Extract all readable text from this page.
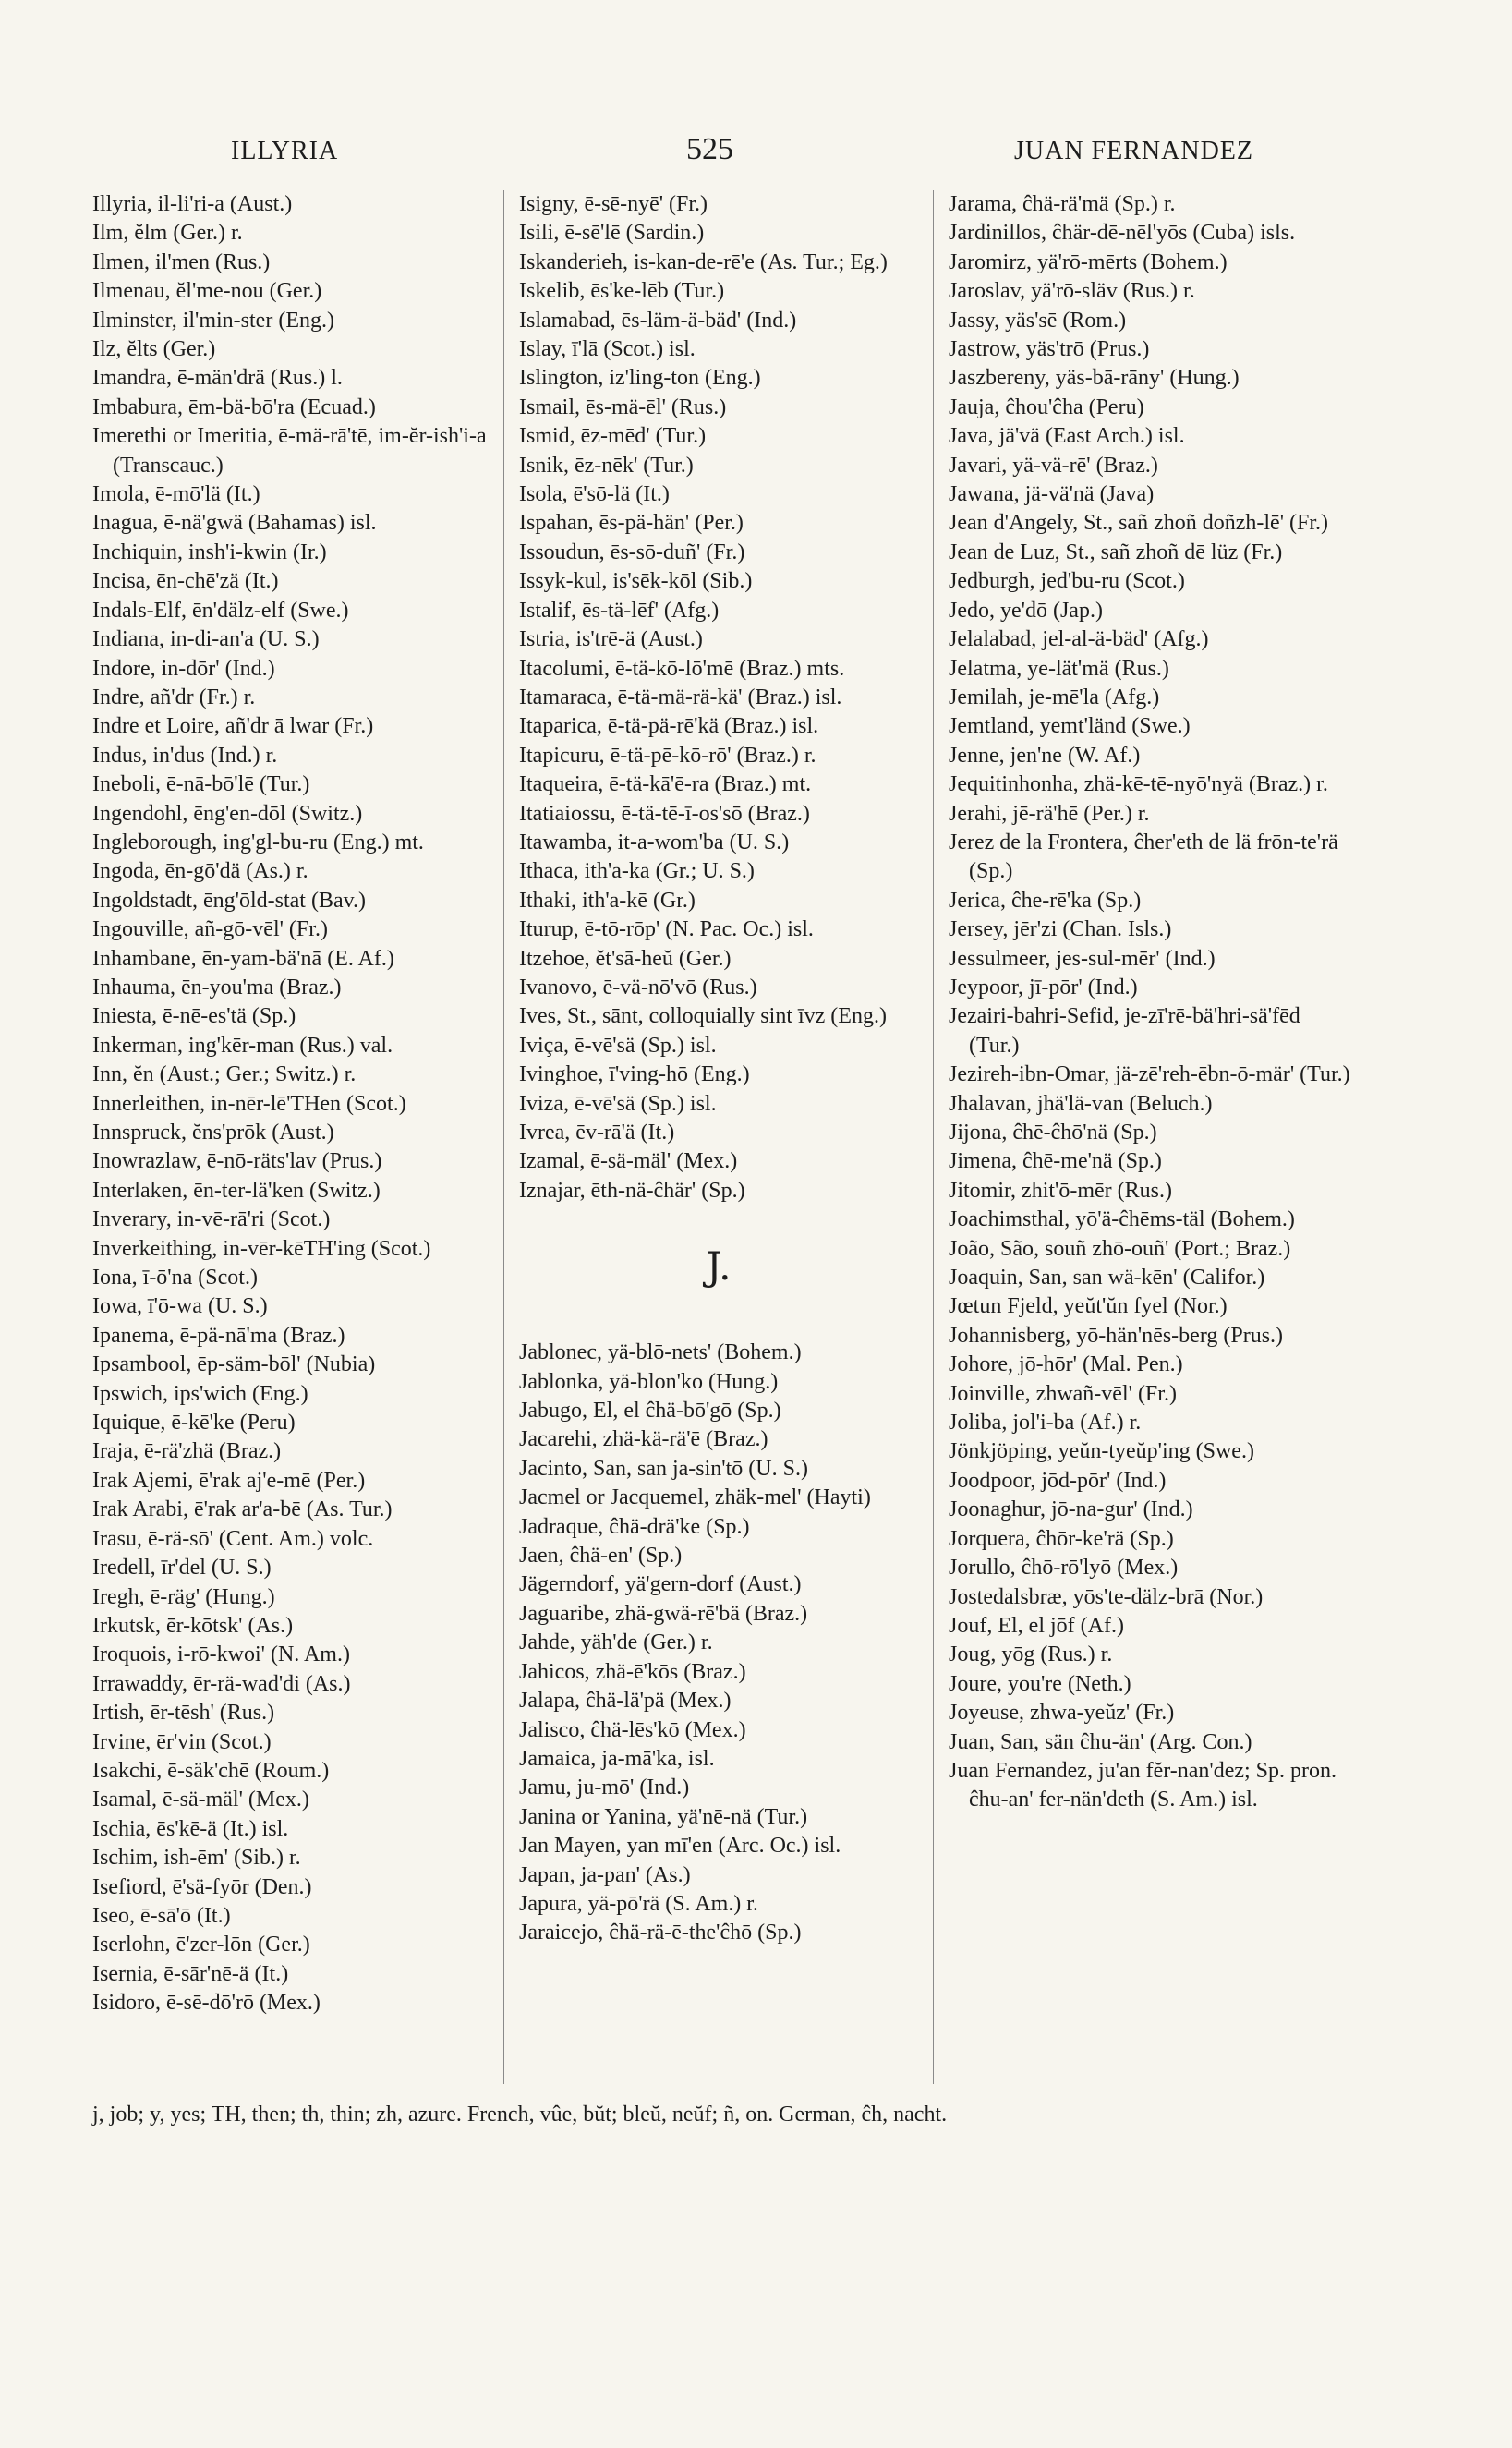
ILLYRIA	525	JUAN FERNANDEZ

Illyria, il-li'ri-a (Aust.)

Ilm, ĕlm (Ger.) r.

Ilmen, il'men (Rus.)

Ilmenau, ĕl'me-nou (Ger.)

Ilminster, il'min-ster (Eng.)

Ilz, ĕlts (Ger.)

Imandra, ē-män'drä (Rus.) l.

Imbabura, ēm-bä-bō'ra (Ecuad.)

Imerethi or Imeritia, ē-mä-rā'tē, im-ĕr-ish'i-a (Transcauc.)

Imola, ē-mō'lä (It.)

Inagua, ē-nä'gwä (Bahamas) isl.

Inchiquin, insh'i-kwin (Ir.)

Incisa, ēn-chē'zä (It.)

Indals-Elf, ēn'dälz-elf (Swe.)

Indiana, in-di-an'a (U. S.)

Indore, in-dōr' (Ind.)

Indre, añ'dr (Fr.) r.

Indre et Loire, añ'dr ā lwar (Fr.)

Indus, in'dus (Ind.) r.

Ineboli, ē-nā-bō'lē (Tur.)

Ingendohl, ēng'en-dōl (Switz.)

Ingleborough, ing'gl-bu-ru (Eng.) mt.

Ingoda, ēn-gō'dä (As.) r.

Ingoldstadt, ēng'ōld-stat (Bav.)

Ingouville, añ-gō-vēl' (Fr.)

Inhambane, ēn-yam-bä'nā (E. Af.)

Inhauma, ēn-you'ma (Braz.)

Iniesta, ē-nē-es'tä (Sp.)

Inkerman, ing'kēr-man (Rus.) val.

Inn, ĕn (Aust.; Ger.; Switz.) r.

Innerleithen, in-nēr-lē'THen (Scot.)

Innspruck, ĕns'prōk (Aust.)

Inowrazlaw, ē-nō-räts'lav (Prus.)

Interlaken, ēn-ter-lä'ken (Switz.)

Inverary, in-vē-rā'ri (Scot.)

Inverkeithing, in-vēr-kēTH'ing (Scot.)

Iona, ī-ō'na (Scot.)

Iowa, ī'ō-wa (U. S.)

Ipanema, ē-pä-nā'ma (Braz.)

Ipsambool, ēp-säm-bōl' (Nubia)

Ipswich, ips'wich (Eng.)

Iquique, ē-kē'ke (Peru)

Iraja, ē-rä'zhä (Braz.)

Irak Ajemi, ē'rak aj'e-mē (Per.)

Irak Arabi, ē'rak ar'a-bē (As. Tur.)

Irasu, ē-rä-sō' (Cent. Am.) volc.

Iredell, īr'del (U. S.)

Iregh, ē-räg' (Hung.)

Irkutsk, ēr-kōtsk' (As.)

Iroquois, i-rō-kwoi' (N. Am.)

Irrawaddy, ēr-rä-wad'di (As.)

Irtish, ēr-tēsh' (Rus.)

Irvine, ēr'vin (Scot.)

Isakchi, ē-säk'chē (Roum.)

Isamal, ē-sä-mäl' (Mex.)

Ischia, ēs'kē-ä (It.) isl.

Ischim, ish-ēm' (Sib.) r.

Isefiord, ē'sä-fyōr (Den.)

Iseo, ē-sā'ō (It.)

Iserlohn, ē'zer-lōn (Ger.)

Isernia, ē-sār'nē-ä (It.)

Isidoro, ē-sē-dō'rō (Mex.)

Isigny, ē-sē-nyē' (Fr.)

Isili, ē-sē'lē (Sardin.)

Iskanderieh, is-kan-de-rē'e (As. Tur.; Eg.)

Iskelib, ēs'ke-lēb (Tur.)

Islamabad, ēs-läm-ä-bäd' (Ind.)

Islay, ī'lā (Scot.) isl.

Islington, iz'ling-ton (Eng.)

Ismail, ēs-mä-ēl' (Rus.)

Ismid, ēz-mēd' (Tur.)

Isnik, ēz-nēk' (Tur.)

Isola, ē'sō-lä (It.)

Ispahan, ēs-pä-hän' (Per.)

Issoudun, ēs-sō-duñ' (Fr.)

Issyk-kul, is'sēk-kōl (Sib.)

Istalif, ēs-tä-lēf' (Afg.)

Istria, is'trē-ä (Aust.)

Itacolumi, ē-tä-kō-lō'mē (Braz.) mts.

Itamaraca, ē-tä-mä-rä-kä' (Braz.) isl.

Itaparica, ē-tä-pä-rē'kä (Braz.) isl.

Itapicuru, ē-tä-pē-kō-rō' (Braz.) r.

Itaqueira, ē-tä-kā'ē-ra (Braz.) mt.

Itatiaiossu, ē-tä-tē-ī-os'sō (Braz.)

Itawamba, it-a-wom'ba (U. S.)

Ithaca, ith'a-ka (Gr.; U. S.)

Ithaki, ith'a-kē (Gr.)

Iturup, ē-tō-rōp' (N. Pac. Oc.) isl.

Itzehoe, ĕt'sā-heŭ (Ger.)

Ivanovo, ē-vä-nō'vō (Rus.)

Ives, St., sānt, colloquially sint īvz (Eng.)

Iviça, ē-vē'sä (Sp.) isl.

Ivinghoe, ī'ving-hō (Eng.)

Iviza, ē-vē'sä (Sp.) isl.

Ivrea, ēv-rā'ä (It.)

Izamal, ē-sä-mäl' (Mex.)

Iznajar, ēth-nä-ĉhär' (Sp.)

J.

Jablonec, yä-blō-nets' (Bohem.)

Jablonka, yä-blon'ko (Hung.)

Jabugo, El, el ĉhä-bō'gō (Sp.)

Jacarehi, zhä-kä-rä'ē (Braz.)

Jacinto, San, san ja-sin'tō (U. S.)

Jacmel or Jacquemel, zhäk-mel' (Hayti)

Jadraque, ĉhä-drä'ke (Sp.)

Jaen, ĉhä-en' (Sp.)

Jägerndorf, yä'gern-dorf (Aust.)

Jaguaribe, zhä-gwä-rē'bä (Braz.)

Jahde, yäh'de (Ger.) r.

Jahicos, zhä-ē'kōs (Braz.)

Jalapa, ĉhä-lä'pä (Mex.)

Jalisco, ĉhä-lēs'kō (Mex.)

Jamaica, ja-mā'ka, isl.

Jamu, ju-mō' (Ind.)

Janina or Yanina, yä'nē-nä (Tur.)

Jan Mayen, yan mī'en (Arc. Oc.) isl.

Japan, ja-pan' (As.)

Japura, yä-pō'rä (S. Am.) r.

Jaraicejo, ĉhä-rä-ē-the'ĉhō (Sp.)

Jarama, ĉhä-rä'mä (Sp.) r.

Jardinillos, ĉhär-dē-nēl'yōs (Cuba) isls.

Jaromirz, yä'rō-mērts (Bohem.)

Jaroslav, yä'rō-släv (Rus.) r.

Jassy, yäs'sē (Rom.)

Jastrow, yäs'trō (Prus.)

Jaszbereny, yäs-bā-rāny' (Hung.)

Jauja, ĉhou'ĉha (Peru)

Java, jä'vä (East Arch.) isl.

Javari, yä-vä-rē' (Braz.)

Jawana, jä-vä'nä (Java)

Jean d'Angely, St., sañ zhoñ doñzh-lē' (Fr.)

Jean de Luz, St., sañ zhoñ dē lüz (Fr.)

Jedburgh, jed'bu-ru (Scot.)

Jedo, ye'dō (Jap.)

Jelalabad, jel-al-ä-bäd' (Afg.)

Jelatma, ye-lät'mä (Rus.)

Jemilah, je-mē'la (Afg.)

Jemtland, yemt'länd (Swe.)

Jenne, jen'ne (W. Af.)

Jequitinhonha, zhä-kē-tē-nyō'nyä (Braz.) r.

Jerahi, jē-rä'hē (Per.) r.

Jerez de la Frontera, ĉher'eth de lä frōn-te'rä (Sp.)

Jerica, ĉhe-rē'ka (Sp.)

Jersey, jēr'zi (Chan. Isls.)

Jessulmeer, jes-sul-mēr' (Ind.)

Jeypoor, jī-pōr' (Ind.)

Jezairi-bahri-Sefid, je-zī'rē-bä'hri-sä'fēd (Tur.)

Jezireh-ibn-Omar, jä-zē'reh-ēbn-ō-mär' (Tur.)

Jhalavan, jhä'lä-van (Beluch.)

Jijona, ĉhē-ĉhō'nä (Sp.)

Jimena, ĉhē-me'nä (Sp.)

Jitomir, zhit'ō-mēr (Rus.)

Joachimsthal, yō'ä-ĉhēms-täl (Bohem.)

João, São, souñ zhō-ouñ' (Port.; Braz.)

Joaquin, San, san wä-kēn' (Califor.)

Jœtun Fjeld, yeŭt'ŭn fyel (Nor.)

Johannisberg, yō-hän'nēs-berg (Prus.)

Johore, jō-hōr' (Mal. Pen.)

Joinville, zhwañ-vēl' (Fr.)

Joliba, jol'i-ba (Af.) r.

Jönkjöping, yeŭn-tyeŭp'ing (Swe.)

Joodpoor, jōd-pōr' (Ind.)

Joonaghur, jō-na-gur' (Ind.)

Jorquera, ĉhōr-ke'rä (Sp.)

Jorullo, ĉhō-rō'lyō (Mex.)

Jostedalsbræ, yōs'te-dälz-brā (Nor.)

Jouf, El, el jōf (Af.)

Joug, yōg (Rus.) r.

Joure, you're (Neth.)

Joyeuse, zhwa-yeŭz' (Fr.)

Juan, San, sän ĉhu-än' (Arg. Con.)

Juan Fernandez, ju'an fĕr-nan'dez; Sp. pron. ĉhu-an' fer-nän'deth (S. Am.) isl.

j, job; y, yes; TH, then; th, thin; zh, azure. French, vûe, bŭt; bleŭ, neŭf; ñ, on. German, ĉh, nacht.
